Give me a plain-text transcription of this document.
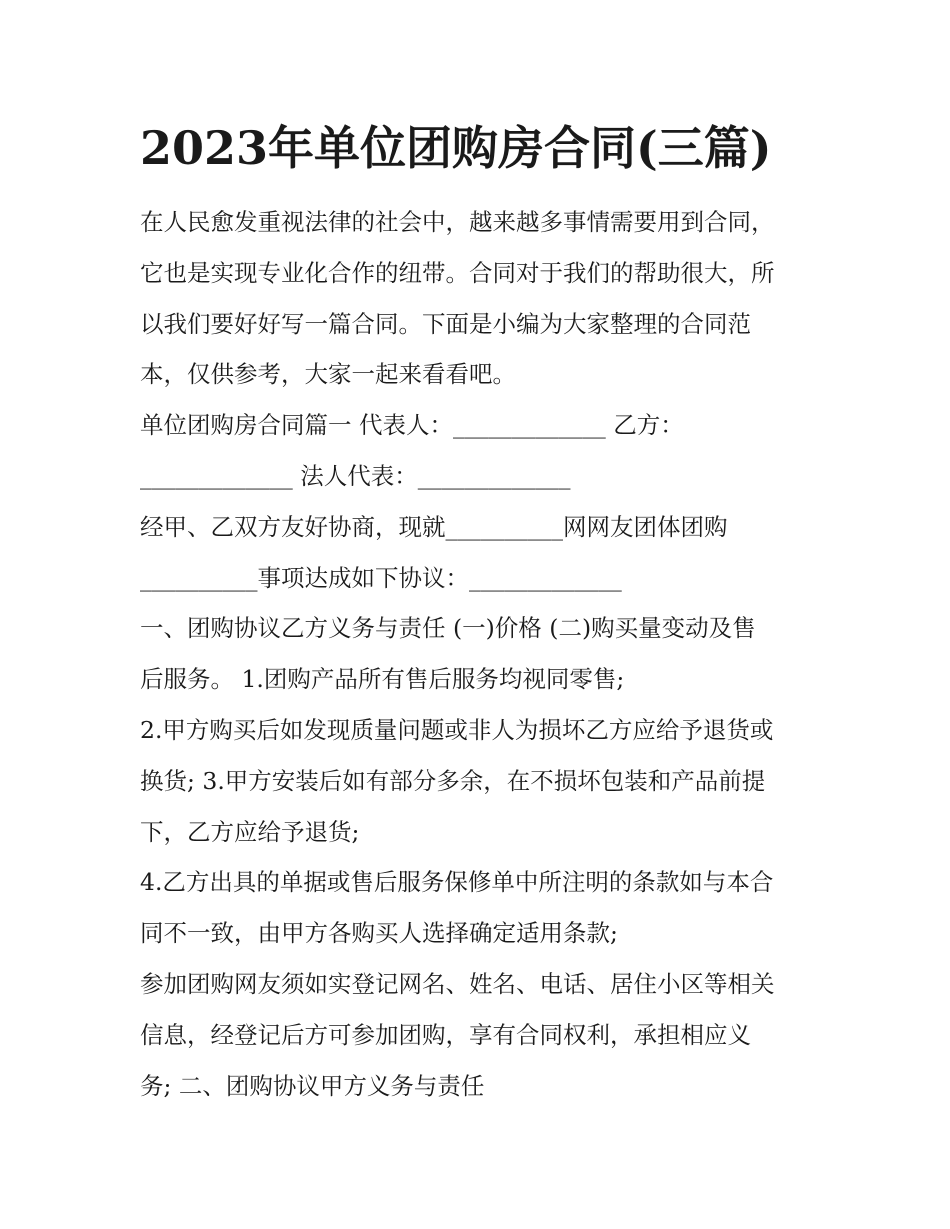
2023年单位团购房合同(三篇)

在人民愈发重视法律的社会中，越来越多事情需要用到合同，

它也是实现专业化合作的纽带。合同对于我们的帮助很大，所

以我们要好好写一篇合同。下面是小编为大家整理的合同范

本，仅供参考，大家一起来看看吧。

单位团购房合同篇一 代表人：_____________ 乙方：

_____________ 法人代表：_____________

经甲、乙双方友好协商，现就__________网网友团体团购

__________事项达成如下协议：_____________

一、团购协议乙方义务与责任 (一)价格 (二)购买量变动及售

后服务。 1.团购产品所有售后服务均视同零售;

2.甲方购买后如发现质量问题或非人为损坏乙方应给予退货或

换货; 3.甲方安装后如有部分多余，在不损坏包装和产品前提

下，乙方应给予退货;

4.乙方出具的单据或售后服务保修单中所注明的条款如与本合

同不一致，由甲方各购买人选择确定适用条款;

参加团购网友须如实登记网名、姓名、电话、居住小区等相关

信息，经登记后方可参加团购，享有合同权利，承担相应义

务; 二、团购协议甲方义务与责任
